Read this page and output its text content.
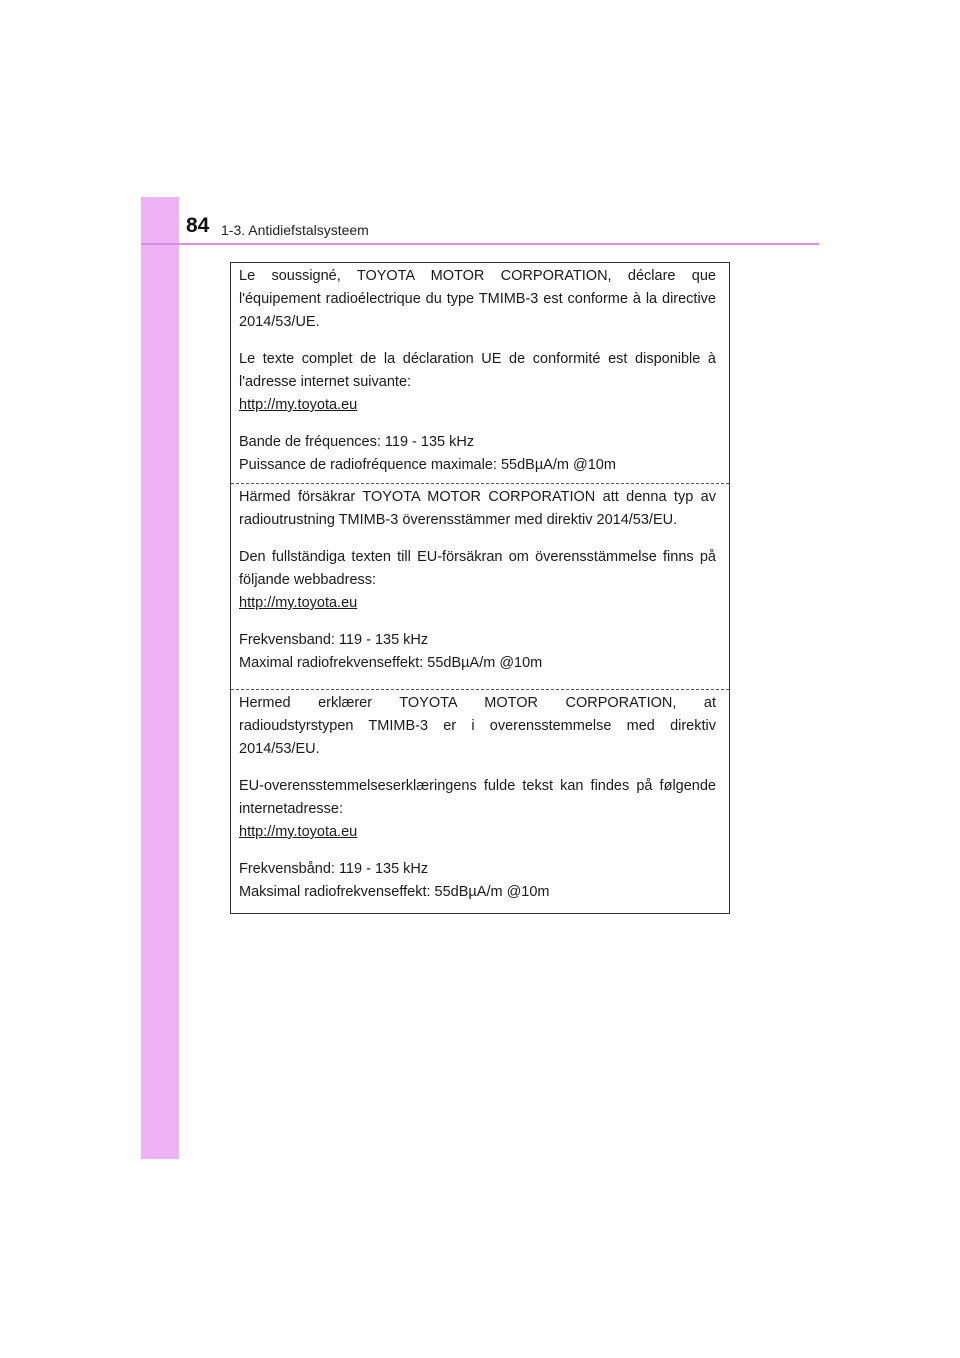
84 1-3. Antidiefstalsysteem

Le soussigné, TOYOTA MOTOR CORPORATION, déclare que l'équipement radioélectrique du type TMIMB-3 est conforme à la directive 2014/53/UE.

Le texte complet de la déclaration UE de conformité est disponible à l'adresse internet suivante:
http://my.toyota.eu

Bande de fréquences: 119 - 135 kHz
Puissance de radiofréquence maximale: 55dBµA/m @10m

Härmed försäkrar TOYOTA MOTOR CORPORATION att denna typ av radioutrustning TMIMB-3 överensstämmer med direktiv 2014/53/EU.

Den fullständiga texten till EU-försäkran om överensstämmelse finns på följande webbadress:
http://my.toyota.eu

Frekvensband: 119 - 135 kHz
Maximal radiofrekvenseffekt: 55dBµA/m @10m

Hermed erklærer TOYOTA MOTOR CORPORATION, at radioudstyrstypen TMIMB-3 er i overensstemmelse med direktiv 2014/53/EU.

EU-overensstemmelseserklæringens fulde tekst kan findes på følgende internetadresse:
http://my.toyota.eu

Frekvensbånd: 119 - 135 kHz
Maksimal radiofrekvenseffekt: 55dBµA/m @10m
